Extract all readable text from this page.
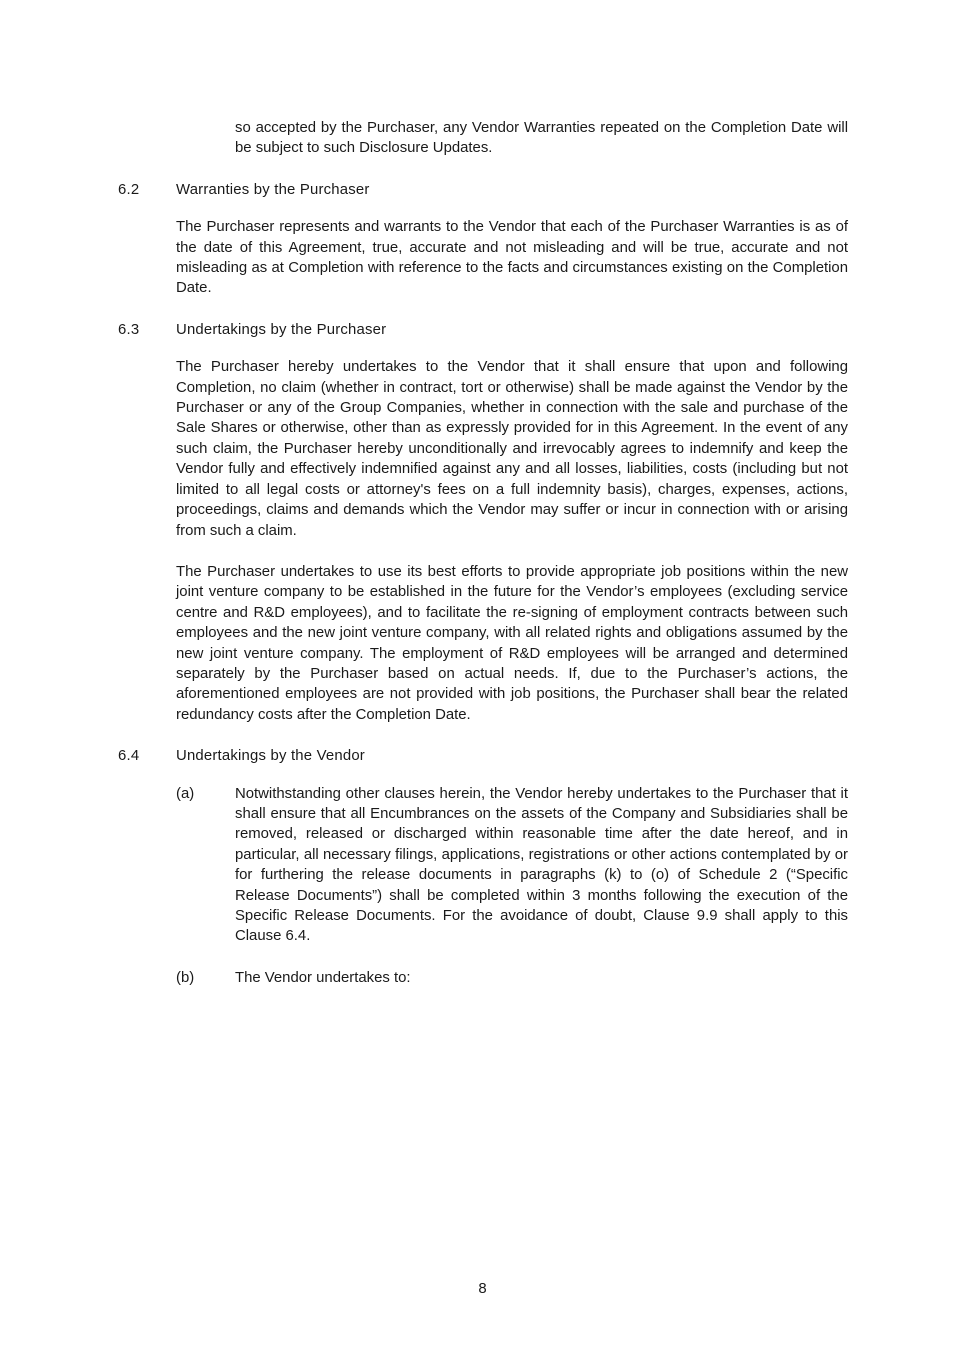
so accepted by the Purchaser, any Vendor Warranties repeated on the Completion Date will be subject to such Disclosure Updates.
6.2	Warranties by the Purchaser

The Purchaser represents and warrants to the Vendor that each of the Purchaser Warranties is as of the date of this Agreement, true, accurate and not misleading and will be true, accurate and not misleading as at Completion with reference to the facts and circumstances existing on the Completion Date.

6.3	Undertakings by the Purchaser

The Purchaser hereby undertakes to the Vendor that it shall ensure that upon and following Completion, no claim (whether in contract, tort or otherwise) shall be made against the Vendor by the Purchaser or any of the Group Companies, whether in connection with the sale and purchase of the Sale Shares or otherwise, other than as expressly provided for in this Agreement. In the event of any such claim, the Purchaser hereby unconditionally and irrevocably agrees to indemnify and keep the Vendor fully and effectively indemnified against any and all losses, liabilities, costs (including but not limited to all legal costs or attorney's fees on a full indemnity basis), charges, expenses, actions, proceedings, claims and demands which the Vendor may suffer or incur in connection with or arising from such a claim.

The Purchaser undertakes to use its best efforts to provide appropriate job positions within the new joint venture company to be established in the future for the Vendor’s employees (excluding service centre and R&D employees), and to facilitate the re-signing of employment contracts between such employees and the new joint venture company, with all related rights and obligations assumed by the new joint venture company. The employment of R&D employees will be arranged and determined separately by the Purchaser based on actual needs. If, due to the Purchaser’s actions, the aforementioned employees are not provided with job positions, the Purchaser shall bear the related redundancy costs after the Completion Date.

6.4	Undertakings by the Vendor
(a)	Notwithstanding other clauses herein, the Vendor hereby undertakes to the Purchaser that it shall ensure that all Encumbrances on the assets of the Company and Subsidiaries shall be removed, released or discharged within reasonable time after the date hereof, and in particular, all necessary filings, applications, registrations or other actions contemplated by or for furthering the release documents in paragraphs (k) to (o) of Schedule 2 (“Specific Release Documents”) shall be completed within 3 months following the execution of the Specific Release Documents. For the avoidance of doubt, Clause 9.9 shall apply to this Clause 6.4.
(b)	The Vendor undertakes to:
8
